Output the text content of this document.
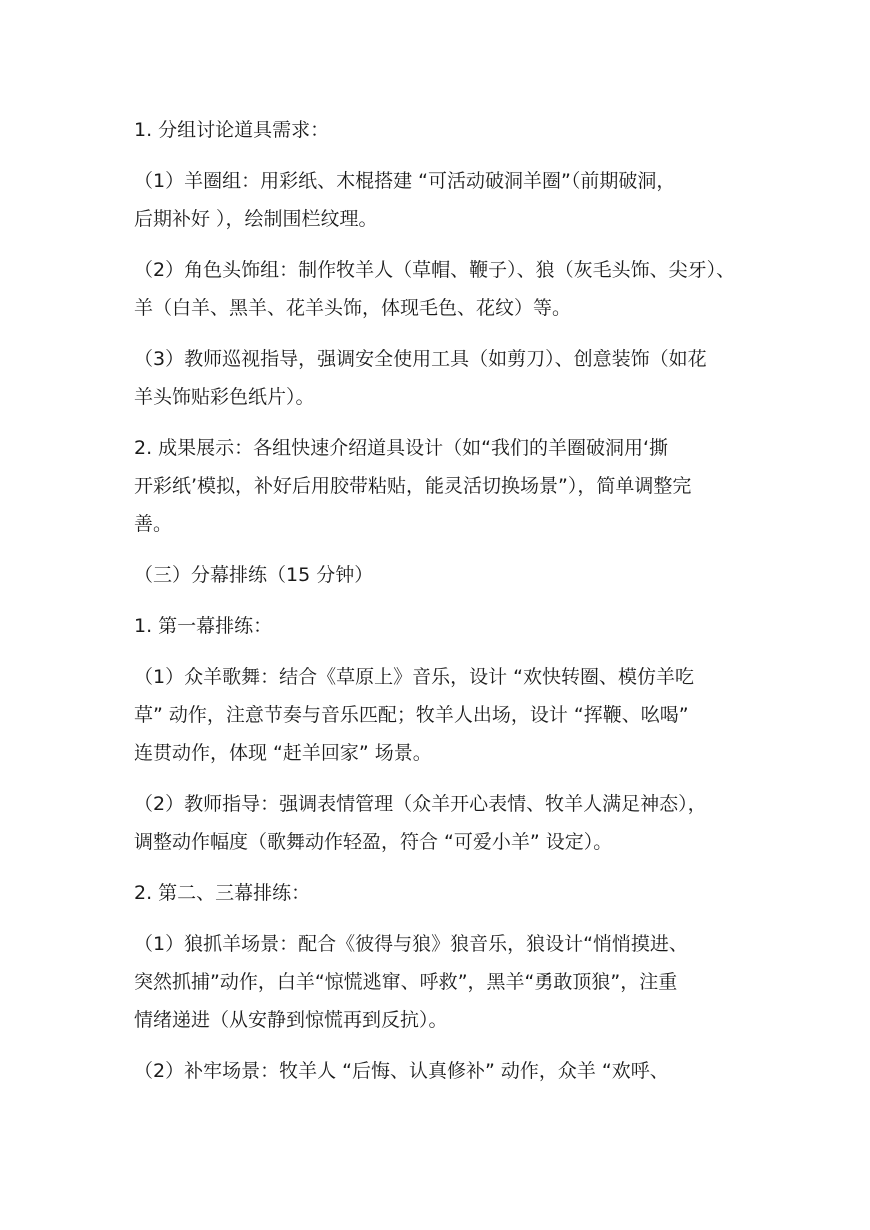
1. 分组讨论道具需求：

（1）羊圈组：用彩纸、木棍搭建 “可活动破洞羊圈”（前期破洞，
后期补好 ），绘制围栏纹理。

（2）角色头饰组：制作牧羊人（草帽、鞭子）、狼（灰毛头饰、尖牙）、
羊（白羊、黑羊、花羊头饰，体现毛色、花纹）等。

（3）教师巡视指导，强调安全使用工具（如剪刀）、创意装饰（如花
羊头饰贴彩色纸片）。

2. 成果展示：各组快速介绍道具设计（如“我们的羊圈破洞用‘撕
开彩纸’模拟，补好后用胶带粘贴，能灵活切换场景”），简单调整完
善。

（三）分幕排练（15 分钟）

1. 第一幕排练：

（1）众羊歌舞：结合《草原上》音乐，设计 “欢快转圈、模仿羊吃
草” 动作，注意节奏与音乐匹配；牧羊人出场，设计 “挥鞭、吆喝”
连贯动作，体现 “赶羊回家” 场景。

（2）教师指导：强调表情管理（众羊开心表情、牧羊人满足神态），
调整动作幅度（歌舞动作轻盈，符合 “可爱小羊” 设定）。

2. 第二、三幕排练：

（1）狼抓羊场景：配合《彼得与狼》狼音乐，狼设计“悄悄摸进、
突然抓捕”动作，白羊“惊慌逃窜、呼救”，黑羊“勇敢顶狼”，注重
情绪递进（从安静到惊慌再到反抗）。

（2）补牢场景：牧羊人 “后悔、认真修补” 动作，众羊 “欢呼、
